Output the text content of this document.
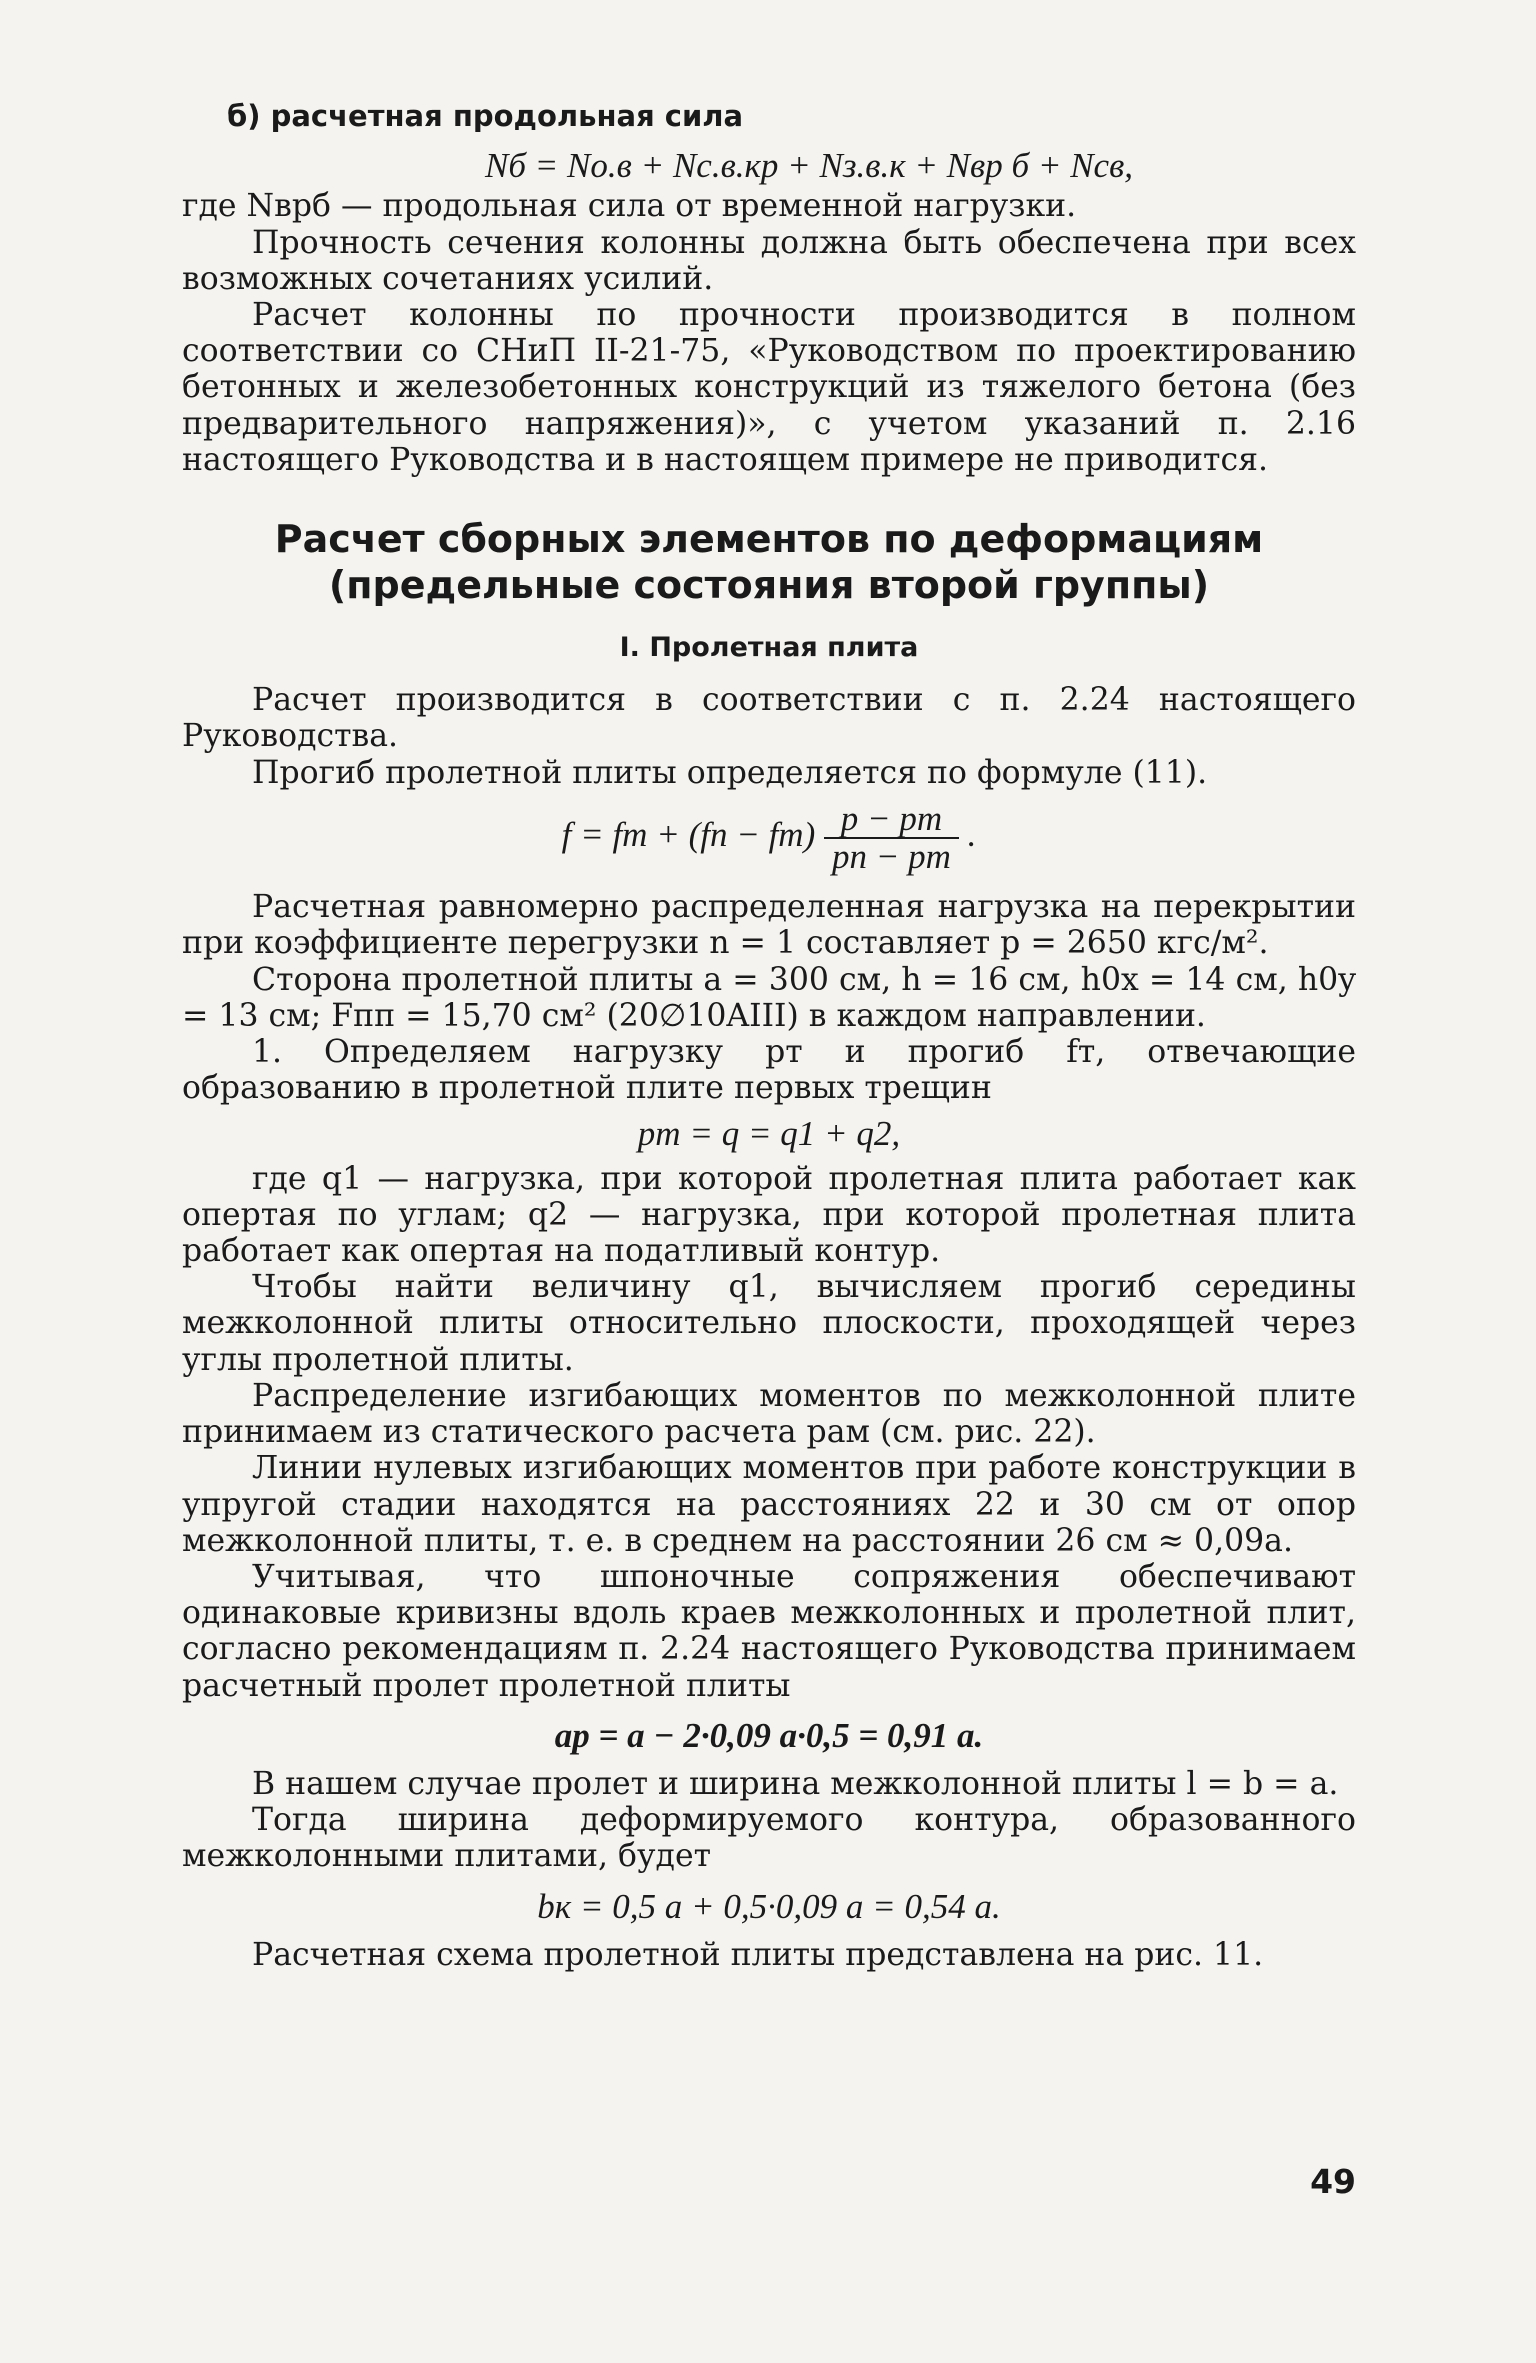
б) расчетная продольная сила

Nб = Nо.в + Nс.в.кр + Nз.в.к + Nвр б + Nсв,

где Nврб — продольная сила от временной нагрузки.

Прочность сечения колонны должна быть обеспечена при всех возможных сочетаниях усилий.

Расчет колонны по прочности производится в полном соответствии со СНиП II-21-75, «Руководством по проектированию бетонных и железобетонных конструкций из тяжелого бетона (без предварительного напряжения)», с учетом указаний п. 2.16 настоящего Руководства и в настоящем примере не приводится.

Расчет сборных элементов по деформациям

(предельные состояния второй группы)

I. Пролетная плита

Расчет производится в соответствии с п. 2.24 настоящего Руководства.

Прогиб пролетной плиты определяется по формуле (11).

f = fт + $(fп - fт) \frac{p - pт}{pп - pт}$ .

Расчетная равномерно распределенная нагрузка на перекрытии при коэффициенте перегрузки n = 1 составляет p = 2650 кгс/м².

Сторона пролетной плиты a = 300 см, h = 16 см, h0x = 14 см, h0y = 13 см; Fпп = 15,70 см² (20∅10AIII) в каждом направлении.

1. Определяем нагрузку pт и прогиб fт, отвечающие образованию в пролетной плите первых трещин

pт = q = q1 + q2,

где q1 — нагрузка, при которой пролетная плита работает как опертая по углам; q2 — нагрузка, при которой пролетная плита работает как опертая на податливый контур.

Чтобы найти величину q1, вычисляем прогиб середины межколонной плиты относительно плоскости, проходящей через углы пролетной плиты.

Распределение изгибающих моментов по межколонной плите принимаем из статического расчета рам (см. рис. 22).

Линии нулевых изгибающих моментов при работе конструкции в упругой стадии находятся на расстояниях 22 и 30 см от опор межколонной плиты, т. е. в среднем на расстоянии 26 см ≈ 0,09a.

Учитывая, что шпоночные сопряжения обеспечивают одинаковые кривизны вдоль краев межколонных и пролетной плит, согласно рекомендациям п. 2.24 настоящего Руководства принимаем расчетный пролет пролетной плиты

ap = a − 2·0,09 a·0,5 = 0,91 a.

В нашем случае пролет и ширина межколонной плиты l = b = a.

Тогда ширина деформируемого контура, образованного межколонными плитами, будет

bк = 0,5 a + 0,5·0,09 a = 0,54 a.

Расчетная схема пролетной плиты представлена на рис. 11.

49
